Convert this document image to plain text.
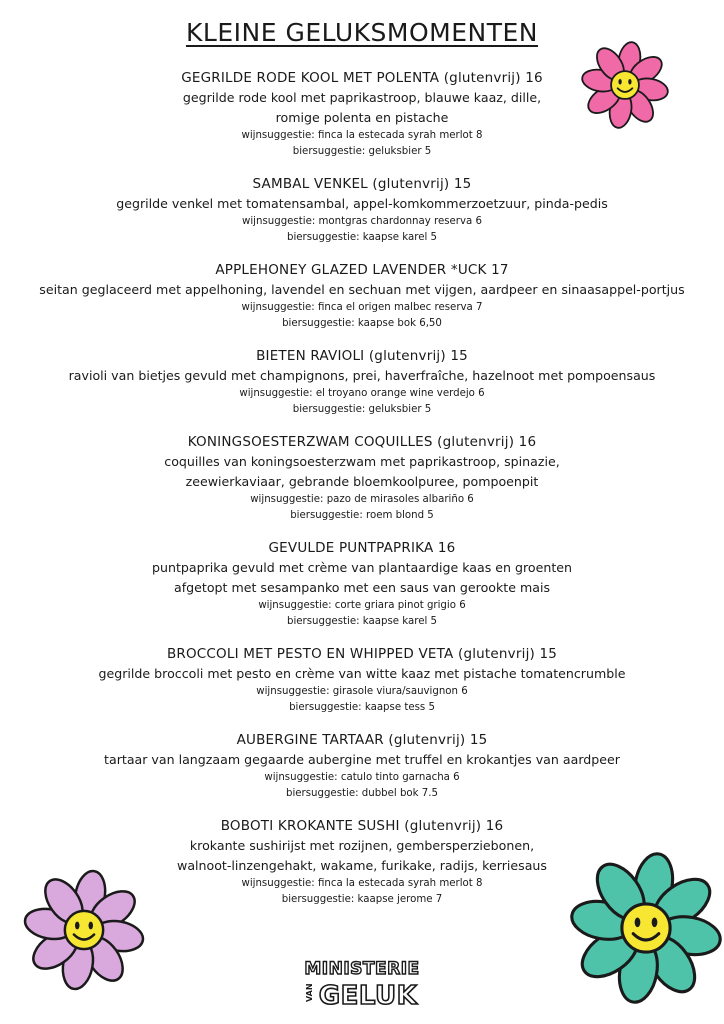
KLEINE GELUKSMOMENTEN
GEGRILDE RODE KOOL MET POLENTA (glutenvrij) 16
gegrilde rode kool met paprikastroop, blauwe kaaz, dille,
romige polenta en pistache
wijnsuggestie: finca la estecada syrah merlot 8
biersuggestie: geluksbier 5
SAMBAL VENKEL (glutenvrij) 15
gegrilde venkel met tomatensambal, appel-komkommerzoetzuur, pinda-pedis
wijnsuggestie: montgras chardonnay reserva 6
biersuggestie: kaapse karel 5
APPLEHONEY GLAZED LAVENDER *UCK 17
seitan geglaceerd met appelhoning, lavendel en sechuan met vijgen, aardpeer en sinaasappel-portjus
wijnsuggestie: finca el origen malbec reserva 7
biersuggestie: kaapse bok 6,50
BIETEN RAVIOLI (glutenvrij) 15
ravioli van bietjes gevuld met champignons, prei, haverfraîche, hazelnoot met pompoensaus
wijnsuggestie: el troyano orange wine verdejo 6
biersuggestie: geluksbier 5
KONINGSOESTERZWAM COQUILLES (glutenvrij) 16
coquilles van koningsoesterzwam met paprikastroop, spinazie,
zeewierkaviaar, gebrande bloemkoolpuree, pompoenpit
wijnsuggestie: pazo de mirasoles albariño 6
biersuggestie: roem blond 5
GEVULDE PUNTPAPRIKA 16
puntpaprika gevuld met crème van plantaardige kaas en groenten
afgetopt met sesampanko met een saus van gerookte mais
wijnsuggestie: corte griara pinot grigio 6
biersuggestie: kaapse karel 5
BROCCOLI MET PESTO EN WHIPPED VETA (glutenvrij) 15
gegrilde broccoli met pesto en crème van witte kaaz met pistache tomatencrumble
wijnsuggestie: girasole viura/sauvignon 6
biersuggestie: kaapse tess 5
AUBERGINE TARTAAR (glutenvrij) 15
tartaar van langzaam gegaarde aubergine met truffel en krokantjes van aardpeer
wijnsuggestie: catulo tinto garnacha 6
biersuggestie: dubbel bok 7.5
BOBOTI KROKANTE SUSHI (glutenvrij) 16
krokante sushirijst met rozijnen, gembersperziebonen,
walnoot-linzengehakt, wakame, furikake, radijs, kerriesaus
wijnsuggestie: finca la estecada syrah merlot 8
biersuggestie: kaapse jerome 7
MINISTERIE
VAN GELUK
